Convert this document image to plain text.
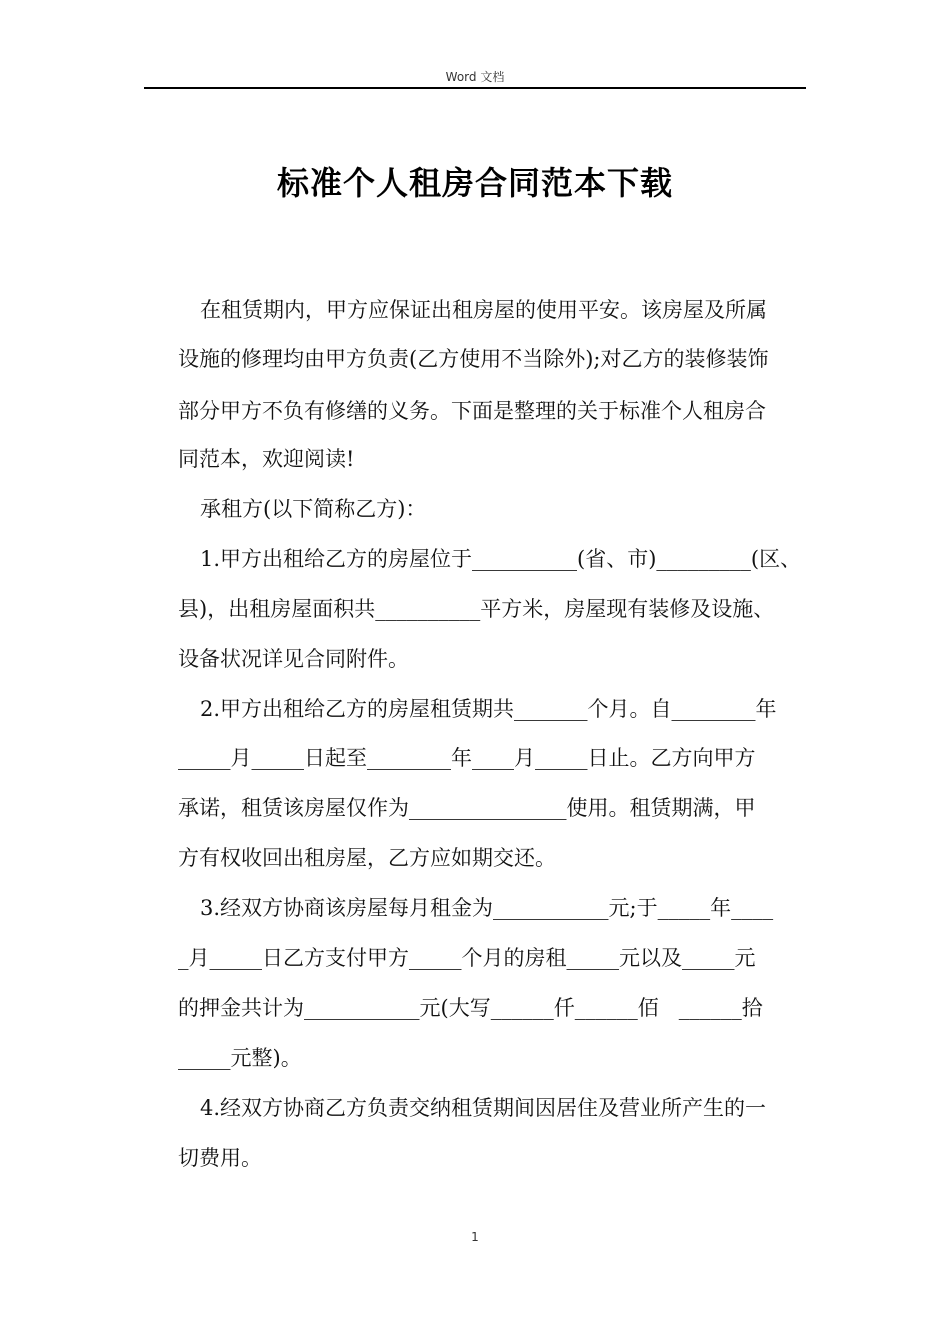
Word 文档
标准个人租房合同范本下载
在租赁期内，甲方应保证出租房屋的使用平安。该房屋及所属
设施的修理均由甲方负责(乙方使用不当除外);对乙方的装修装饰
部分甲方不负有修缮的义务。下面是整理的关于标准个人租房合
同范本，欢迎阅读!
承租方(以下简称乙方)：
1.甲方出租给乙方的房屋位于__________(省、市)_________(区、
县)，出租房屋面积共__________平方米，房屋现有装修及设施、
设备状况详见合同附件。
2.甲方出租给乙方的房屋租赁期共_______个月。自________年
_____月_____日起至________年____月_____日止。乙方向甲方
承诺，租赁该房屋仅作为_______________使用。租赁期满，甲
方有权收回出租房屋，乙方应如期交还。
3.经双方协商该房屋每月租金为___________元;于_____年____
_月_____日乙方支付甲方_____个月的房租_____元以及_____元
的押金共计为___________元(大写______仟______佰   ______拾
_____元整)。
4.经双方协商乙方负责交纳租赁期间因居住及营业所产生的一
切费用。
1
